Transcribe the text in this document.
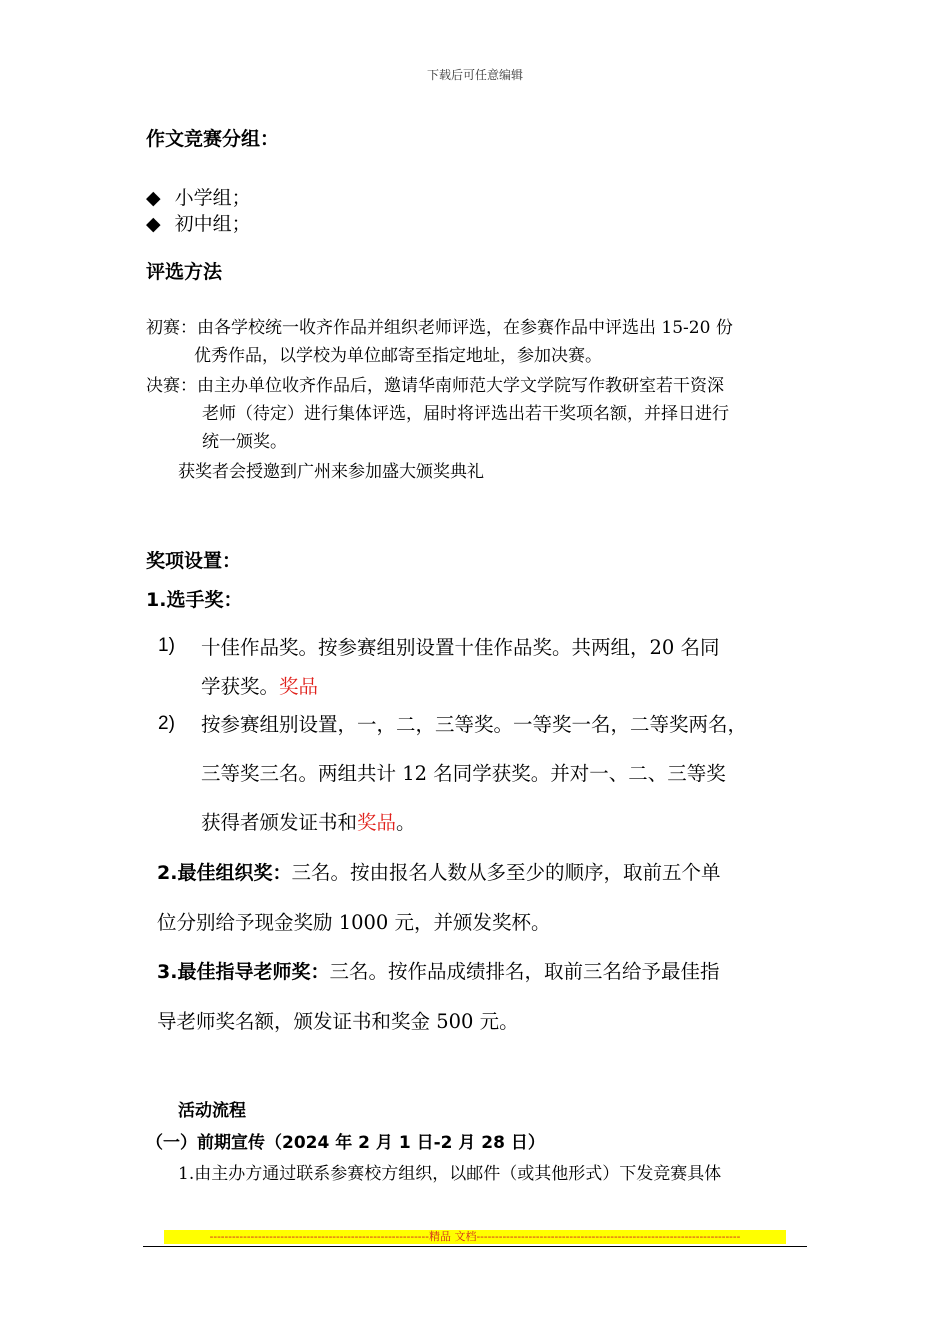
下载后可任意编辑
作文竞赛分组：
◆ 小学组；
◆ 初中组；
评选方法
初赛：由各学校统一收齐作品并组织老师评选，在参赛作品中评选出 15-20 份
优秀作品，以学校为单位邮寄至指定地址，参加决赛。
决赛：由主办单位收齐作品后，邀请华南师范大学文学院写作教研室若干资深
老师（待定）进行集体评选，届时将评选出若干奖项名额，并择日进行
统一颁奖。
获奖者会授邀到广州来参加盛大颁奖典礼
奖项设置：
1.选手奖：
1) 十佳作品奖。按参赛组别设置十佳作品奖。共两组，20 名同
学获奖。奖品
2) 按参赛组别设置，一，二，三等奖。一等奖一名，二等奖两名，
三等奖三名。两组共计 12 名同学获奖。并对一、二、三等奖
获得者颁发证书和奖品。
2.最佳组织奖：三名。按由报名人数从多至少的顺序，取前五个单
位分别给予现金奖励 1000 元，并颁发奖杯。
3.最佳指导老师奖：三名。按作品成绩排名，取前三名给予最佳指
导老师奖名额，颁发证书和奖金 500 元。
活动流程
（一）前期宣传（2024 年 2 月 1 日-2 月 28 日）
1.由主办方通过联系参赛校方组织，以邮件（或其他形式）下发竞赛具体
-----------------------------------------------------------精品 文档-----------------------------------------------------------------------
